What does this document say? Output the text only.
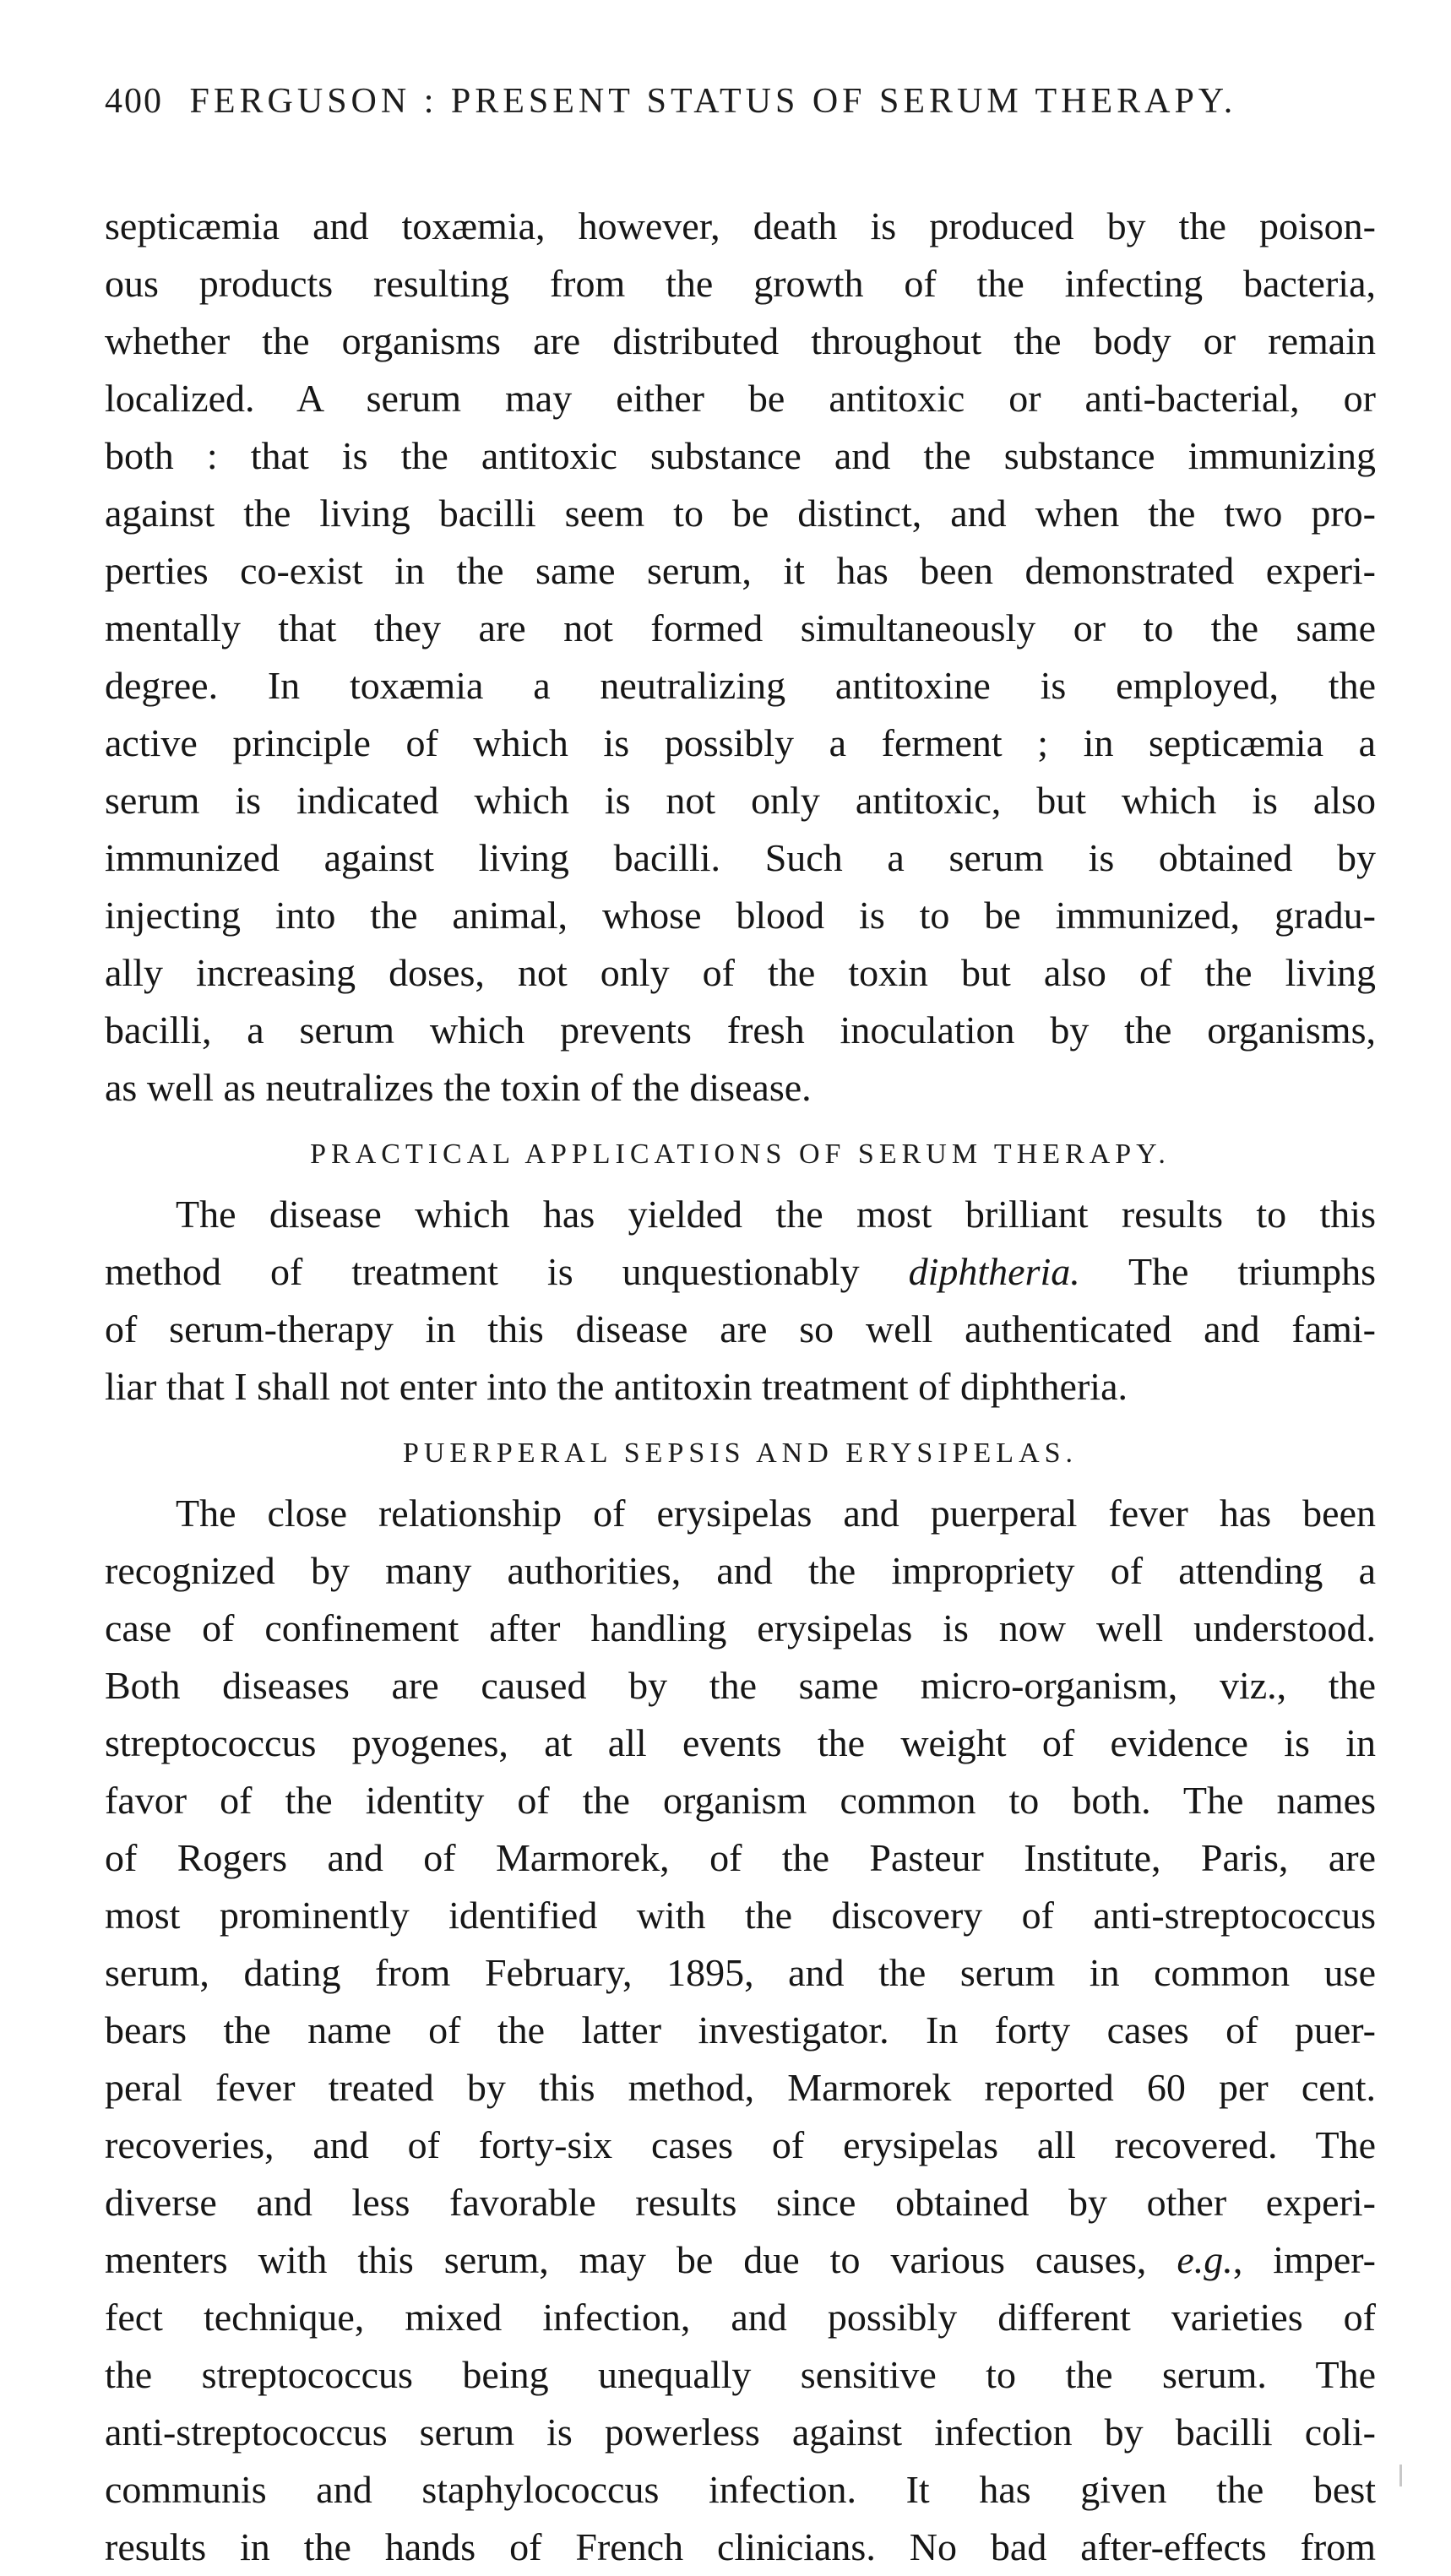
400 FERGUSON : PRESENT STATUS OF SERUM THERAPY.
septicæmia and toxæmia, however, death is produced by the poison-
ous products resulting from the growth of the infecting bacteria,
whether the organisms are distributed throughout the body or remain
localized. A serum may either be antitoxic or anti-bacterial, or
both : that is the antitoxic substance and the substance immunizing
against the living bacilli seem to be distinct, and when the two pro-
perties co-exist in the same serum, it has been demonstrated experi-
mentally that they are not formed simultaneously or to the same
degree. In toxæmia a neutralizing antitoxine is employed, the
active principle of which is possibly a ferment ; in septicæmia a
serum is indicated which is not only antitoxic, but which is also
immunized against living bacilli. Such a serum is obtained by
injecting into the animal, whose blood is to be immunized, gradu-
ally increasing doses, not only of the toxin but also of the living
bacilli, a serum which prevents fresh inoculation by the organisms,
as well as neutralizes the toxin of the disease.
PRACTICAL APPLICATIONS OF SERUM THERAPY.
The disease which has yielded the most brilliant results to this
method of treatment is unquestionably diphtheria. The triumphs
of serum-therapy in this disease are so well authenticated and fami-
liar that I shall not enter into the antitoxin treatment of diphtheria.
PUERPERAL SEPSIS AND ERYSIPELAS.
The close relationship of erysipelas and puerperal fever has been
recognized by many authorities, and the impropriety of attending a
case of confinement after handling erysipelas is now well understood.
Both diseases are caused by the same micro-organism, viz., the
streptococcus pyogenes, at all events the weight of evidence is in
favor of the identity of the organism common to both. The names
of Rogers and of Marmorek, of the Pasteur Institute, Paris, are
most prominently identified with the discovery of anti-streptococcus
serum, dating from February, 1895, and the serum in common use
bears the name of the latter investigator. In forty cases of puer-
peral fever treated by this method, Marmorek reported 60 per cent.
recoveries, and of forty-six cases of erysipelas all recovered. The
diverse and less favorable results since obtained by other experi-
menters with this serum, may be due to various causes, e.g., imper-
fect technique, mixed infection, and possibly different varieties of
the streptococcus being unequally sensitive to the serum. The
anti-streptococcus serum is powerless against infection by bacilli coli-
communis and staphylococcus infection. It has given the best
results in the hands of French clinicians. No bad after-effects from
